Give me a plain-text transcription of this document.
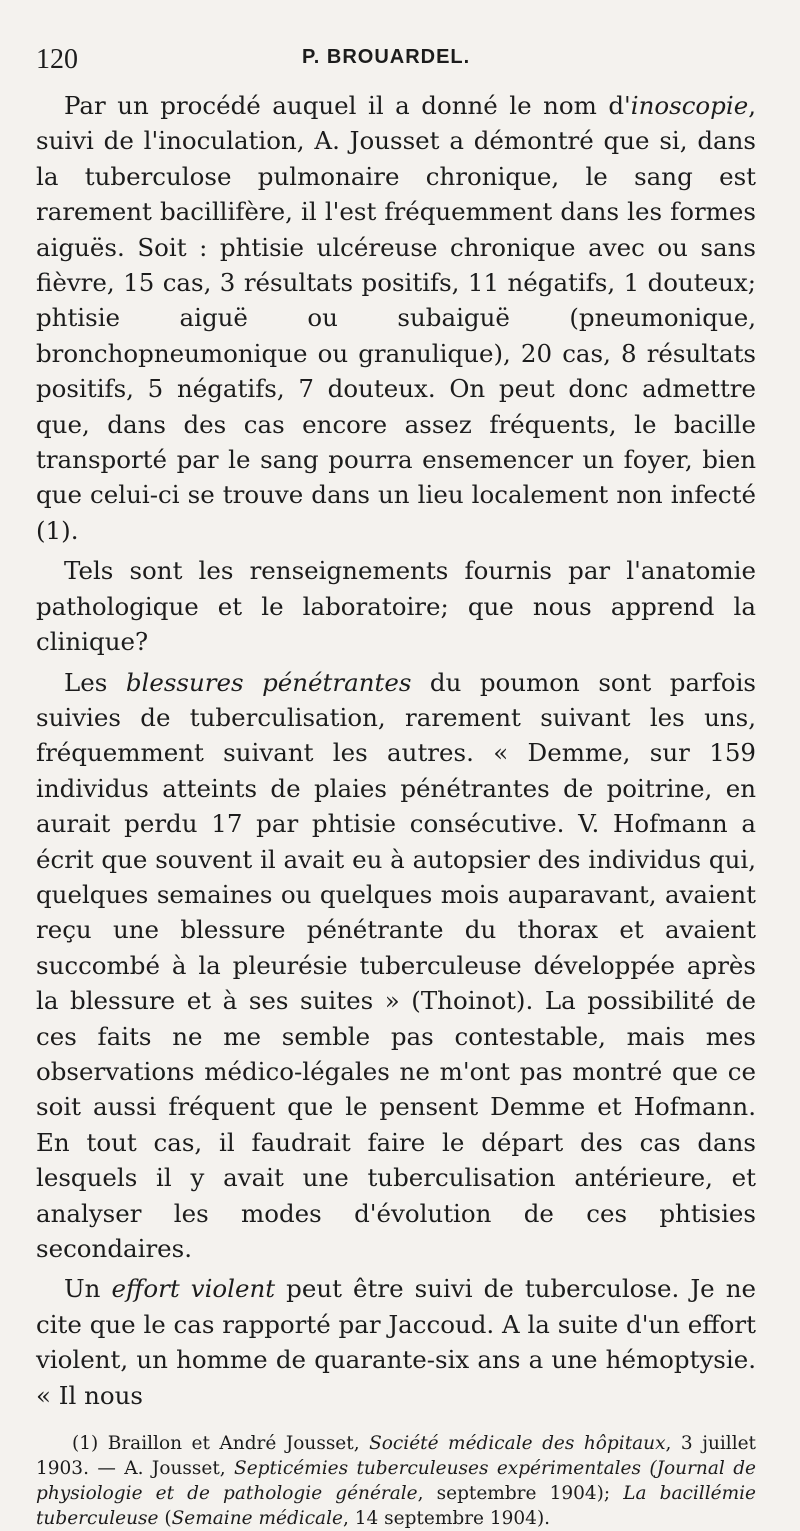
120	P. BROUARDEL.

Par un procédé auquel il a donné le nom d'inoscopie, suivi de l'inoculation, A. Jousset a démontré que si, dans la tuberculose pulmonaire chronique, le sang est rarement bacillifère, il l'est fréquemment dans les formes aiguës. Soit : phtisie ulcéreuse chronique avec ou sans fièvre, 15 cas, 3 résultats positifs, 11 négatifs, 1 douteux; phtisie aiguë ou subaiguë (pneumonique, bronchopneumonique ou granulique), 20 cas, 8 résultats positifs, 5 négatifs, 7 douteux. On peut donc admettre que, dans des cas encore assez fréquents, le bacille transporté par le sang pourra ensemencer un foyer, bien que celui-ci se trouve dans un lieu localement non infecté (1).

Tels sont les renseignements fournis par l'anatomie pathologique et le laboratoire; que nous apprend la clinique?

Les blessures pénétrantes du poumon sont parfois suivies de tuberculisation, rarement suivant les uns, fréquemment suivant les autres. « Demme, sur 159 individus atteints de plaies pénétrantes de poitrine, en aurait perdu 17 par phtisie consécutive. V. Hofmann a écrit que souvent il avait eu à autopsier des individus qui, quelques semaines ou quelques mois auparavant, avaient reçu une blessure pénétrante du thorax et avaient succombé à la pleurésie tuberculeuse développée après la blessure et à ses suites » (Thoinot). La possibilité de ces faits ne me semble pas contestable, mais mes observations médico-légales ne m'ont pas montré que ce soit aussi fréquent que le pensent Demme et Hofmann. En tout cas, il faudrait faire le départ des cas dans lesquels il y avait une tuberculisation antérieure, et analyser les modes d'évolution de ces phtisies secondaires.

Un effort violent peut être suivi de tuberculose. Je ne cite que le cas rapporté par Jaccoud. A la suite d'un effort violent, un homme de quarante-six ans a une hémoptysie. « Il nous

(1) Braillon et André Jousset, Société médicale des hôpitaux, 3 juillet 1903. — A. Jousset, Septicémies tuberculeuses expérimentales (Journal de physiologie et de pathologie générale, septembre 1904); La bacillémie tuberculeuse (Semaine médicale, 14 septembre 1904).
